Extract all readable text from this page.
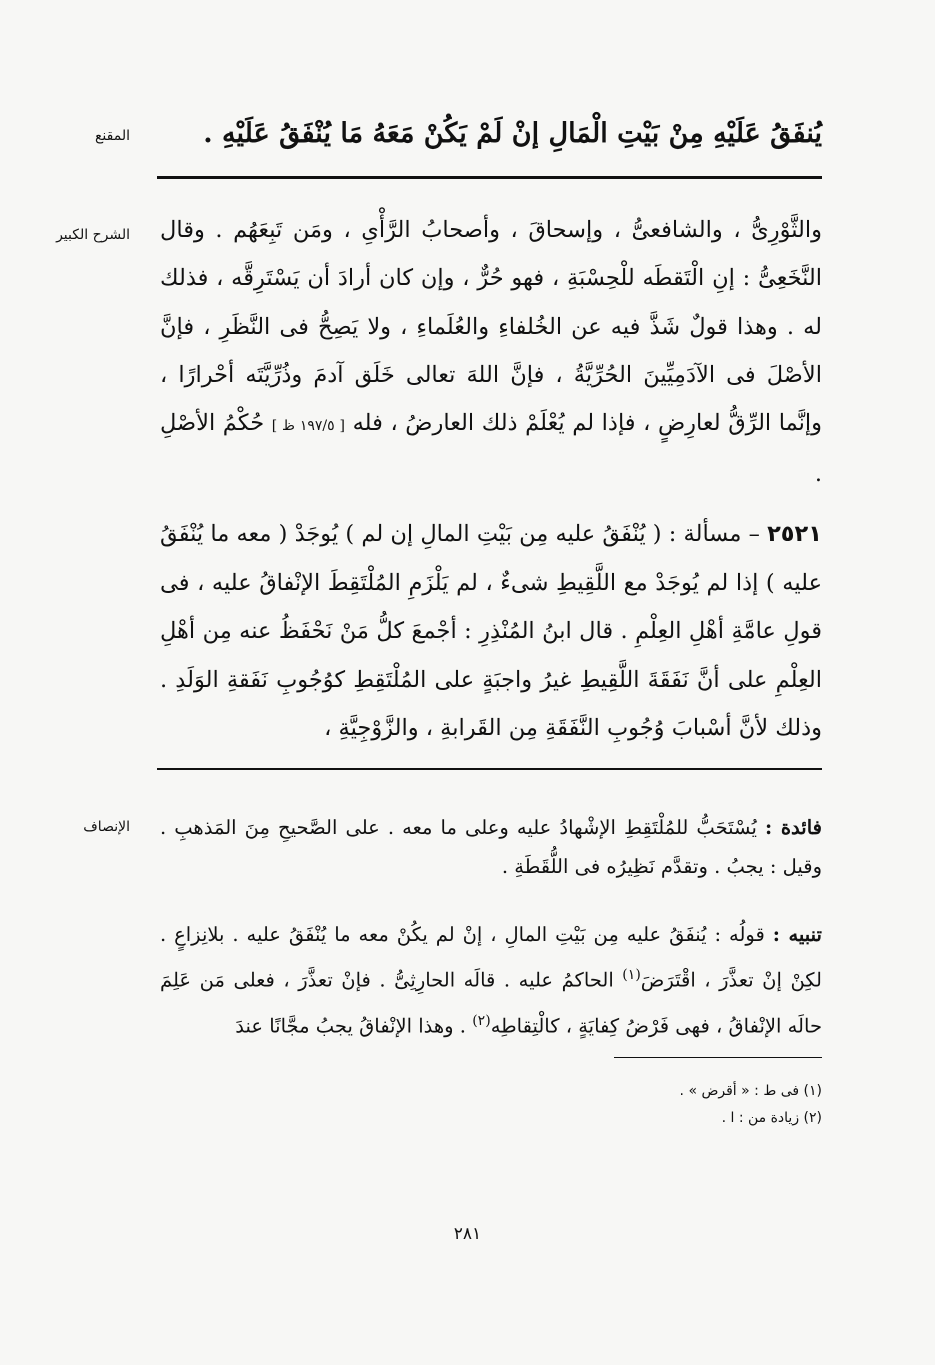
المقنع	يُنفَقُ عَلَيْهِ مِنْ بَيْتِ الْمَالِ إنْ لَمْ يَكُنْ مَعَهُ مَا يُنْفَقُ عَلَيْهِ .
الشرح الكبير والثَّوْرِىُّ ، والشافعىُّ ، وإسحاقَ ، وأصحابُ الرَّأْىِ ، ومَن تَبِعَهُم . وقال النَّخَعِىُّ : إنِ الْتَقطَه للْحِسْبَةِ ، فهو حُرٌّ ، وإن كان أرادَ أن يَسْتَرِقَّه ، فذلك له . وهذا قولٌ شَذَّ فيه عن الخُلفاءِ والعُلَماءِ ، ولا يَصِحُّ فى النَّظَرِ ، فإنَّ الأصْلَ فى الآدَمِيِّينَ الحُرِّيَّةُ ، فإنَّ اللهَ تعالى خَلَق آدمَ وذُرِّيَّتَه أحْرارًا ، وإنَّما الرِّقُّ لعارِضٍ ، فإذا لم يُعْلَمْ ذلك العارضُ ، فله [ ١٩٧/٥ ظ ] حُكْمُ الأصْلِ .
٢٥٢١ – مسألة : ( يُنْفَقُ عليه مِن بَيْتِ المالِ إن لم ) يُوجَدْ ( معه ما يُنْفَقُ عليه ) إذا لم يُوجَدْ مع اللَّقِيطِ شىءٌ ، لم يَلْزَمِ المُلْتَقِطَ الإنْفاقُ عليه ، فى قولِ عامَّةِ أهْلِ العِلْمِ . قال ابنُ المُنْذِرِ : أجْمعَ كلُّ مَنْ نَحْفَظُ عنه مِن أهْلِ العِلْمِ على أنَّ نَفَقَةَ اللَّقِيطِ غيرُ واجبَةٍ على المُلْتَقِطِ كوُجُوبِ نَفَقةِ الوَلَدِ . وذلك لأنَّ أسْبابَ وُجُوبِ النَّفَقَةِ مِن القَرابةِ ، والزَّوْجِيَّةِ ،
الإنصاف	فائدة : يُسْتَحَبُّ للمُلْتَقِطِ الإشْهادُ عليه وعلى ما معه . على الصَّحيحِ مِنَ المَذهبِ . وقيل : يجبُ . وتقدَّم نَظِيرُه فى اللُّقَطَةِ .
تنبيه : قولُه : يُنفَقُ عليه مِن بَيْتِ المالِ ، إنْ لم يكُنْ معه ما يُنْفَقُ عليه . بلانِزاعٍ . لكِنْ إنْ تعذَّرَ ، اقْتَرَضَ$^{(١)}$ الحاكمُ عليه . قالَه الحارِثِىُّ . فإنْ تعذَّرَ ، فعلى مَن عَلِمَ حالَه الإنْفاقُ ، فهى فَرْضُ كِفايَةٍ ، كالْتِقاطِه$^{(٢)}$ . وهذا الإنْفاقُ يجبُ مجَّانًا عندَ
(١) فى ط : « أقرض » .
(٢) زيادة من : ا .
٢٨١
